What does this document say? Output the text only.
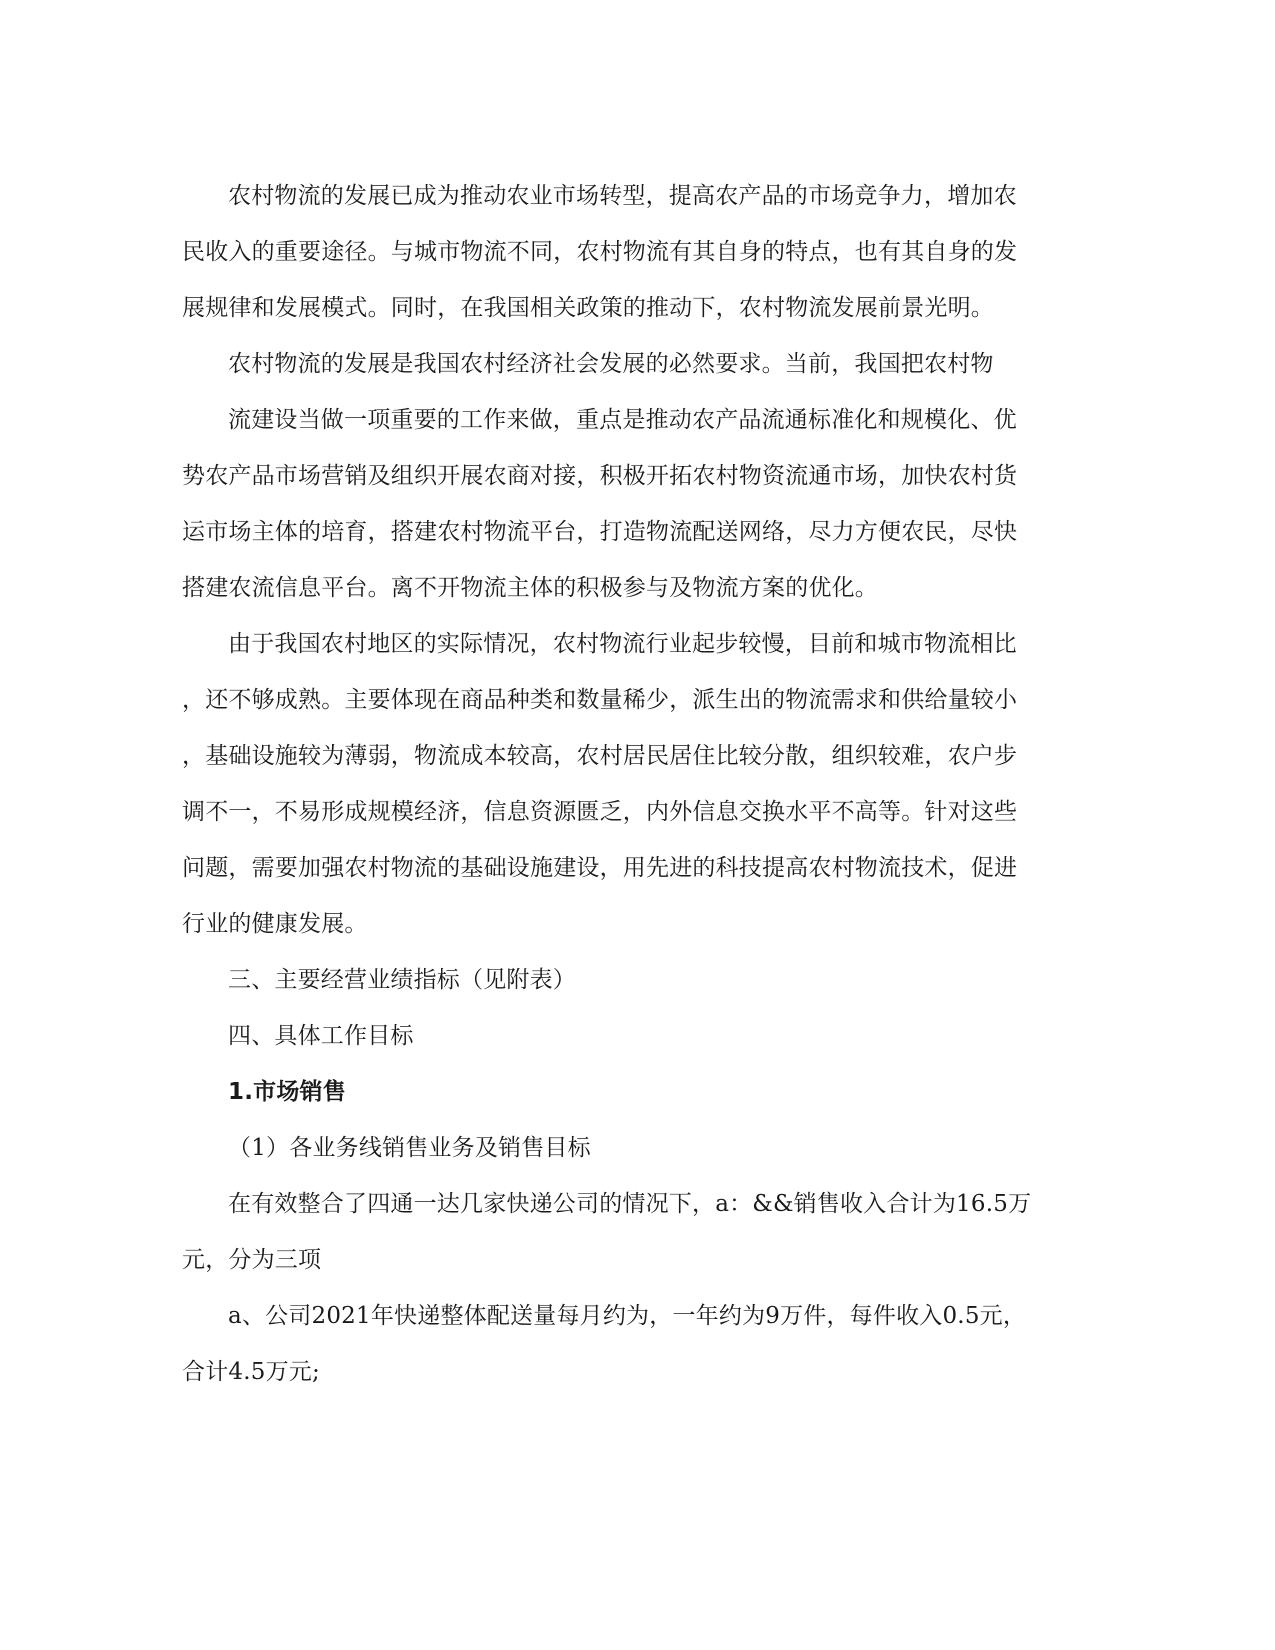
农村物流的发展已成为推动农业市场转型，提高农产品的市场竞争力，增加农
民收入的重要途径。与城市物流不同，农村物流有其自身的特点，也有其自身的发
展规律和发展模式。同时，在我国相关政策的推动下，农村物流发展前景光明。
农村物流的发展是我国农村经济社会发展的必然要求。当前，我国把农村物
流建设当做一项重要的工作来做，重点是推动农产品流通标准化和规模化、优
势农产品市场营销及组织开展农商对接，积极开拓农村物资流通市场，加快农村货
运市场主体的培育，搭建农村物流平台，打造物流配送网络，尽力方便农民，尽快
搭建农流信息平台。离不开物流主体的积极参与及物流方案的优化。
由于我国农村地区的实际情况，农村物流行业起步较慢，目前和城市物流相比
，还不够成熟。主要体现在商品种类和数量稀少，派生出的物流需求和供给量较小
，基础设施较为薄弱，物流成本较高，农村居民居住比较分散，组织较难，农户步
调不一，不易形成规模经济，信息资源匮乏，内外信息交换水平不高等。针对这些
问题，需要加强农村物流的基础设施建设，用先进的科技提高农村物流技术，促进
行业的健康发展。
三、主要经营业绩指标（见附表）
四、具体工作目标
1.市场销售
（1）各业务线销售业务及销售目标
在有效整合了四通一达几家快递公司的情况下，a：&&销售收入合计为16.5万
元，分为三项
a、公司2021年快递整体配送量每月约为，一年约为9万件，每件收入0.5元，
合计4.5万元;
